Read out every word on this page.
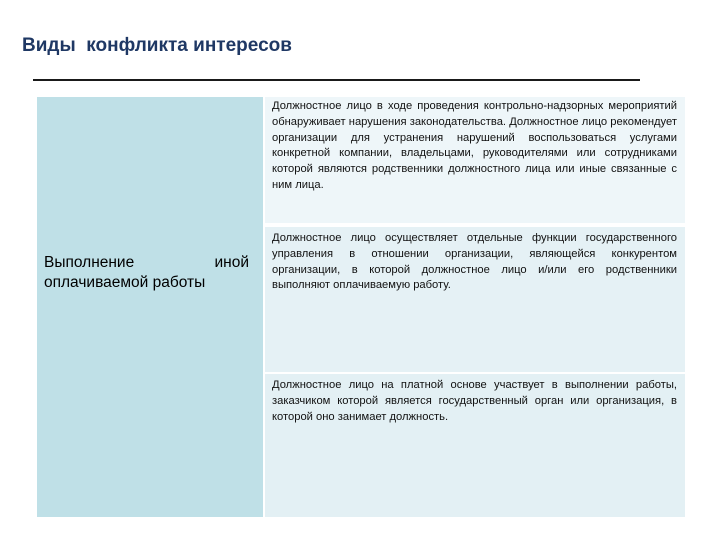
Виды  конфликта интересов
Выполнение иной оплачиваемой работы
Должностное лицо в ходе проведения контрольно-надзорных мероприятий обнаруживает нарушения законодательства. Должностное лицо рекомендует организации для устранения нарушений воспользоваться услугами конкретной компании, владельцами, руководителями или сотрудниками которой являются родственники должностного лица или иные связанные с ним лица.
Должностное лицо осуществляет отдельные функции государственного управления в отношении организации, являющейся конкурентом организации, в которой должностное лицо и/или его родственники выполняют оплачиваемую работу.
Должностное лицо на платной основе участвует в выполнении работы, заказчиком которой является государственный орган или организация, в которой оно занимает должность.
